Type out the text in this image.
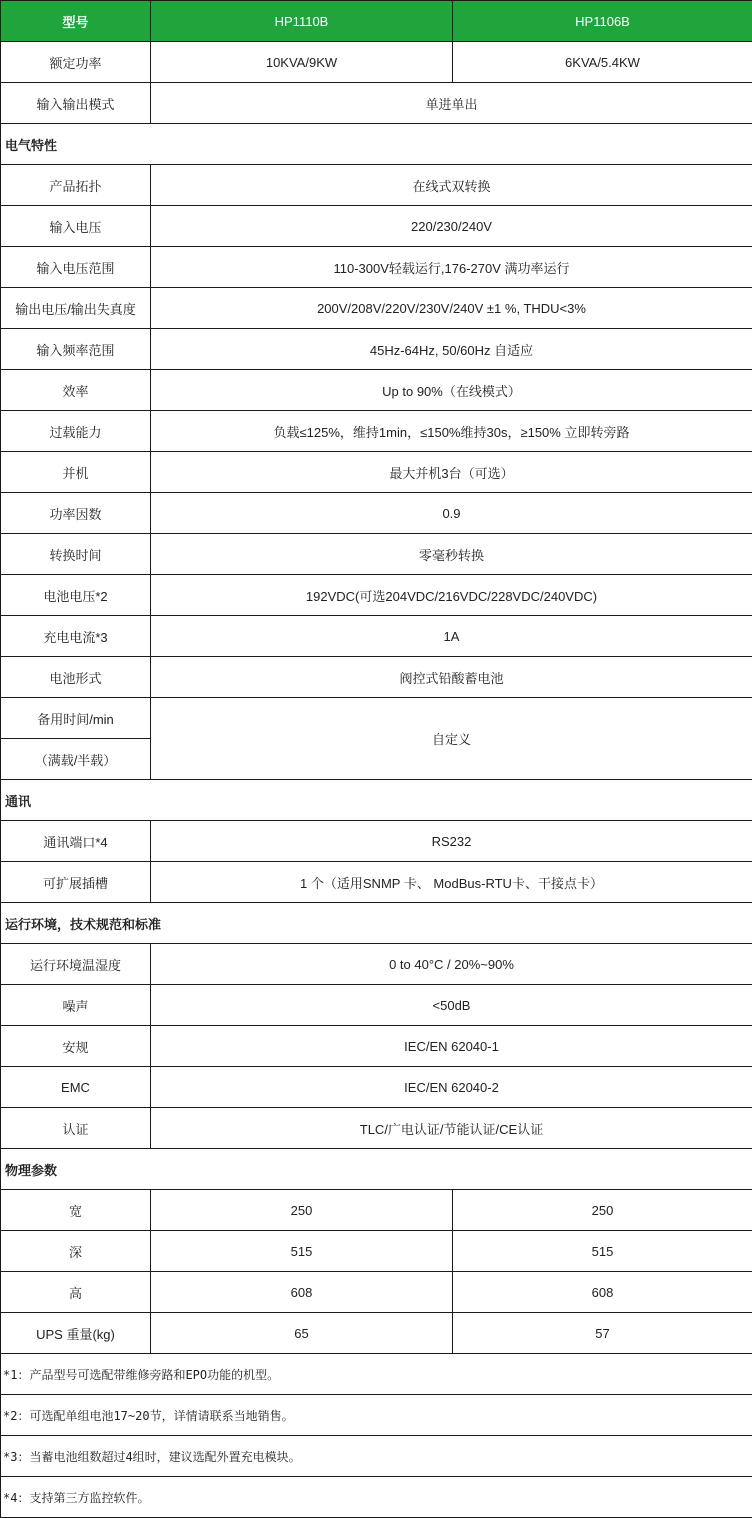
型号	HP1110B	HP1106B
额定功率	10KVA/9KW	6KVA/5.4KW
输入输出模式	单进单出	
电气特性		
产品拓扑	在线式双转换	
输入电压	220/230/240V	
输入电压范围	110-300V轻载运行,176-270V 满功率运行	
输出电压/输出失真度	200V/208V/220V/230V/240V ±1 %, THDU<3%	
输入频率范围	45Hz-64Hz, 50/60Hz 自适应	
效率	Up to 90%（在线模式）	
过载能力	负载≤125%，维持1min，≤150%维持30s，≥150% 立即转旁路	
并机	最大并机3台（可选）	
功率因数	0.9	
转换时间	零毫秒转换	
电池电压*2	192VDC(可选204VDC/216VDC/228VDC/240VDC)	
充电电流*3	1A	
电池形式	阀控式铅酸蓄电池	
备用时间/min	自定义	
（满载/半载）		
通讯		
通讯端口*4	RS232	
可扩展插槽	1 个（适用SNMP 卡、 ModBus-RTU卡、干接点卡）	
运行环境，技术规范和标准		
运行环境温湿度	0 to 40°C / 20%~90%	
噪声	<50dB	
安规	IEC/EN 62040-1	
EMC	IEC/EN 62040-2	
认证	TLC/广电认证/节能认证/CE认证	
物理参数		
宽	250	250
深	515	515
高	608	608
UPS 重量(kg)	65	57
*1：产品型号可选配带维修旁路和EPO功能的机型。		
*2：可选配单组电池17~20节，详情请联系当地销售。		
*3：当蓄电池组数超过4组时，建议选配外置充电模块。		
*4：支持第三方监控软件。		
